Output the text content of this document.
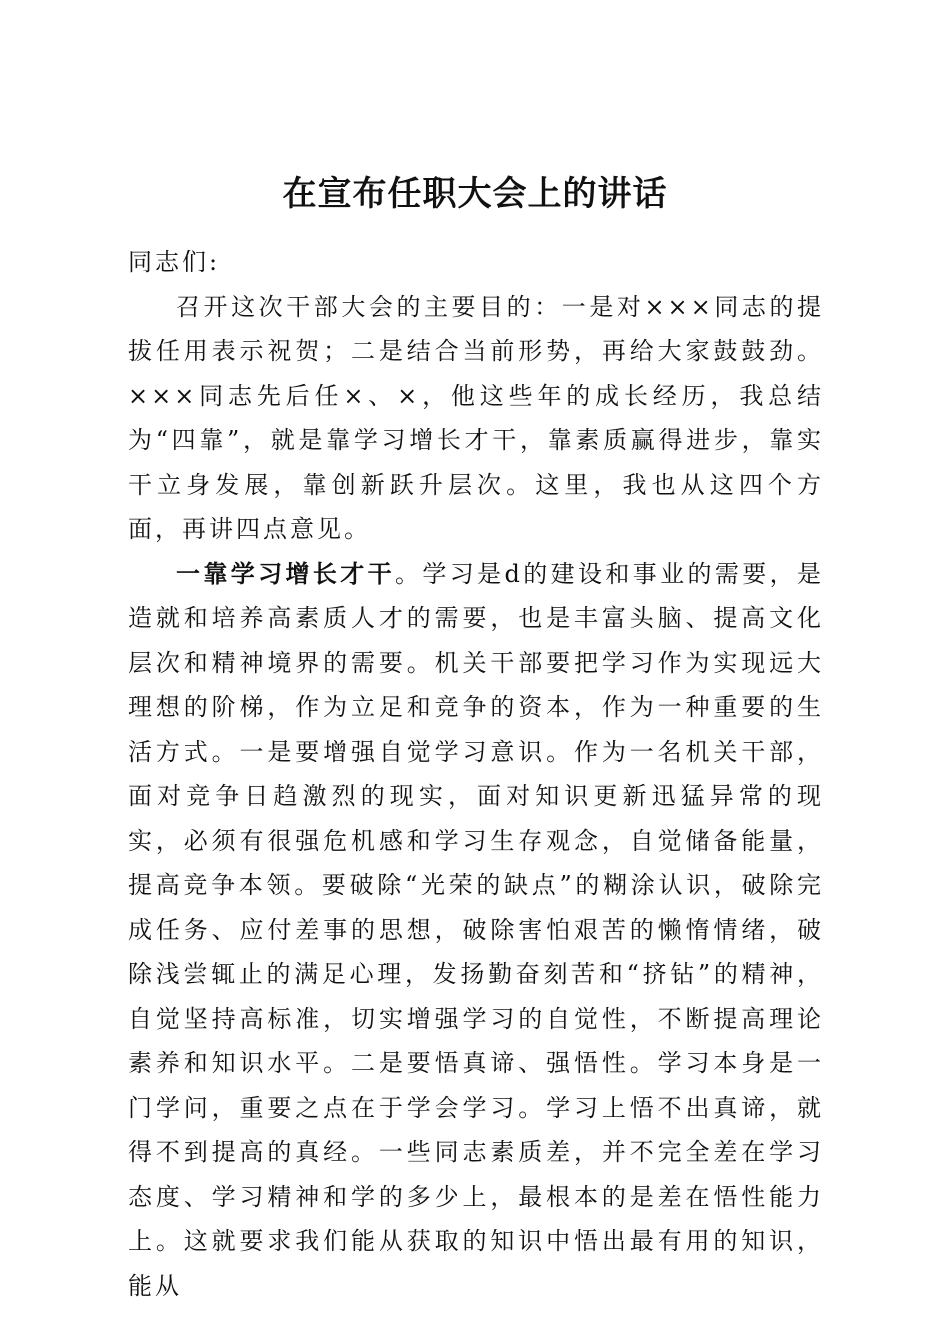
在宣布任职大会上的讲话

同志们:

召开这次干部大会的主要目的：一是对×××同志的提拔任用表示祝贺；二是结合当前形势，再给大家鼓鼓劲。×××同志先后任×、×，他这些年的成长经历，我总结为“四靠”，就是靠学习增长才干，靠素质赢得进步，靠实干立身发展，靠创新跃升层次。这里，我也从这四个方面，再讲四点意见。

一靠学习增长才干。学习是d的建设和事业的需要，是造就和培养高素质人才的需要，也是丰富头脑、提高文化层次和精神境界的需要。机关干部要把学习作为实现远大理想的阶梯，作为立足和竞争的资本，作为一种重要的生活方式。一是要增强自觉学习意识。作为一名机关干部，面对竞争日趋激烈的现实，面对知识更新迅猛异常的现实，必须有很强危机感和学习生存观念，自觉储备能量，提高竞争本领。要破除“光荣的缺点”的糊涂认识，破除完成任务、应付差事的思想，破除害怕艰苦的懒惰情绪，破除浅尝辄止的满足心理，发扬勤奋刻苦和“挤钻”的精神，自觉坚持高标准，切实增强学习的自觉性，不断提高理论素养和知识水平。二是要悟真谛、强悟性。学习本身是一门学问，重要之点在于学会学习。学习上悟不出真谛，就得不到提高的真经。一些同志素质差，并不完全差在学习态度、学习精神和学的多少上，最根本的是差在悟性能力上。这就要求我们能从获取的知识中悟出最有用的知识，能从
